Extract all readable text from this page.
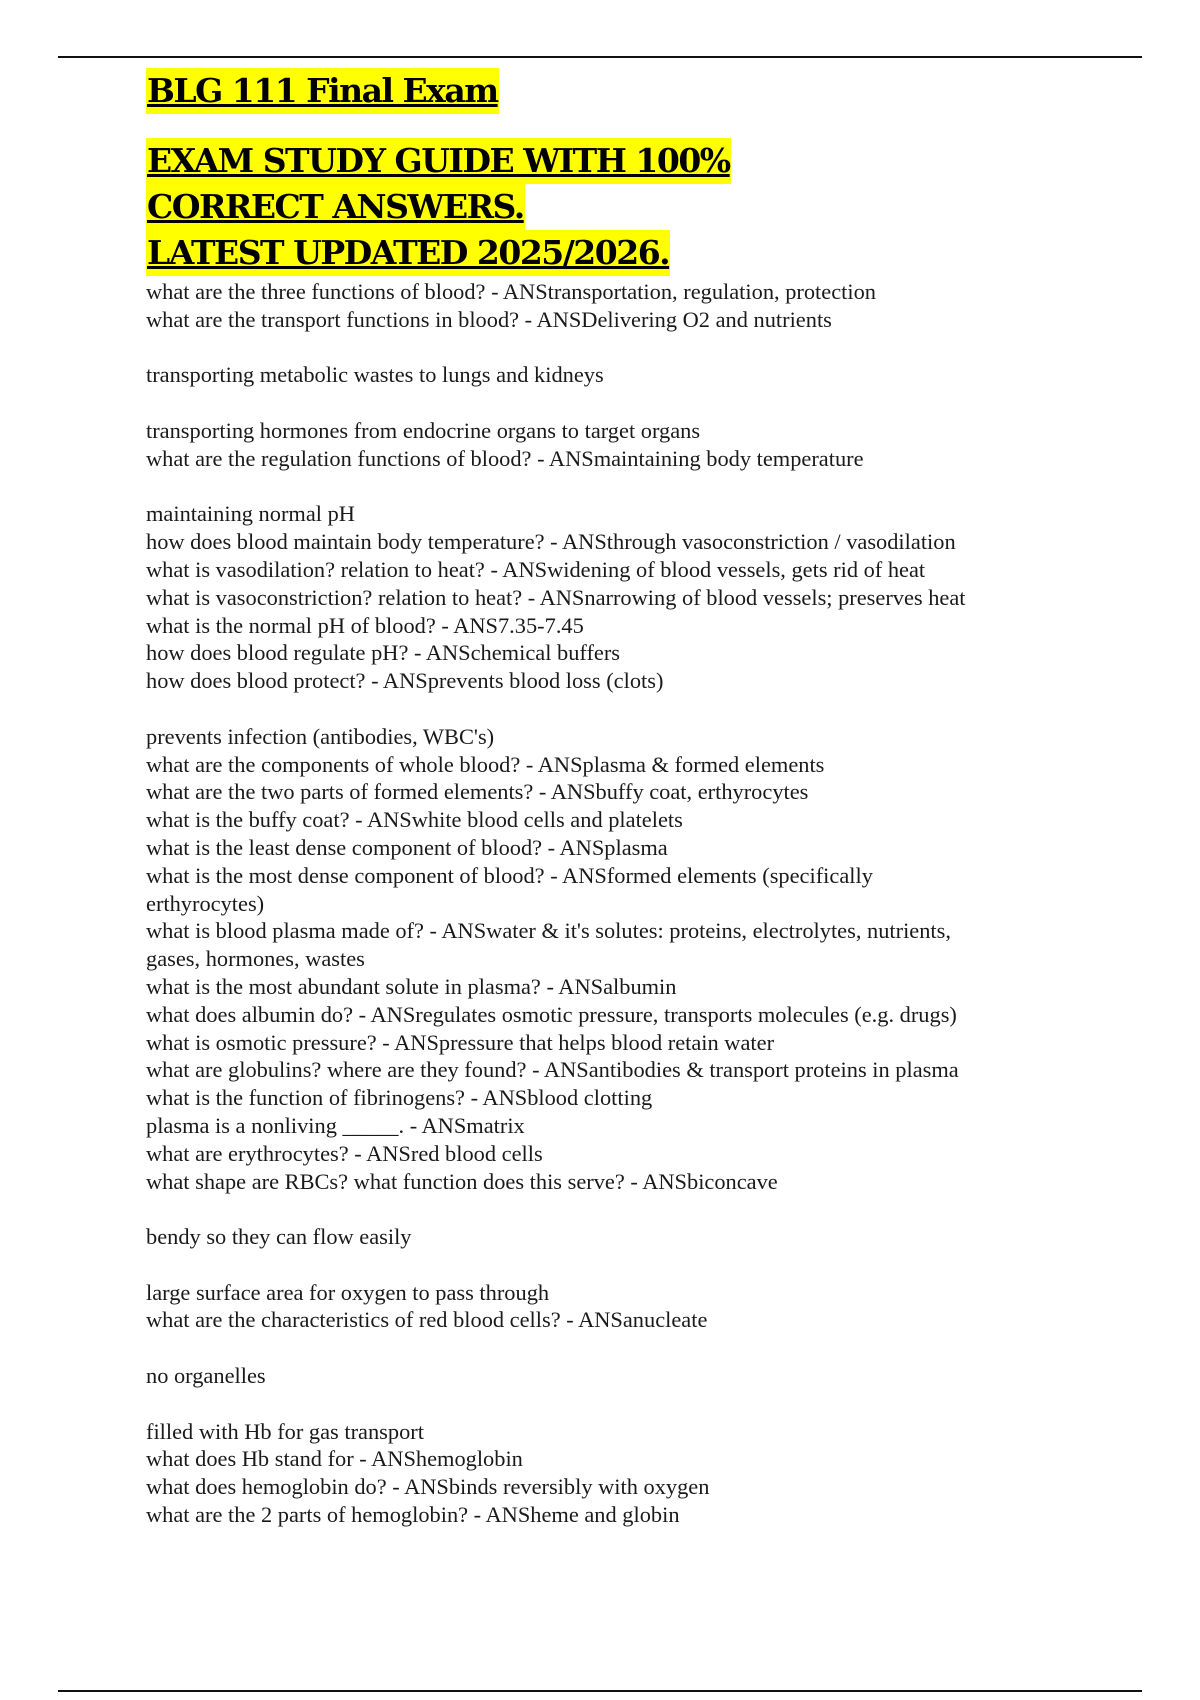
BLG 111 Final Exam
EXAM STUDY GUIDE WITH 100%
CORRECT ANSWERS.
LATEST UPDATED 2025/2026.
what are the three functions of blood? - ANStransportation, regulation, protection
what are the transport functions in blood? - ANSDelivering O2 and nutrients
transporting metabolic wastes to lungs and kidneys
transporting hormones from endocrine organs to target organs
what are the regulation functions of blood? - ANSmaintaining body temperature
maintaining normal pH
how does blood maintain body temperature? - ANSthrough vasoconstriction / vasodilation
what is vasodilation? relation to heat? - ANSwidening of blood vessels, gets rid of heat
what is vasoconstriction? relation to heat? - ANSnarrowing of blood vessels; preserves heat
what is the normal pH of blood? - ANS7.35-7.45
how does blood regulate pH? - ANSchemical buffers
how does blood protect? - ANSprevents blood loss (clots)
prevents infection (antibodies, WBC's)
what are the components of whole blood? - ANSplasma & formed elements
what are the two parts of formed elements? - ANSbuffy coat, erthyrocytes
what is the buffy coat? - ANSwhite blood cells and platelets
what is the least dense component of blood? - ANSplasma
what is the most dense component of blood? - ANSformed elements (specifically
erthyrocytes)
what is blood plasma made of? - ANSwater & it's solutes: proteins, electrolytes, nutrients,
gases, hormones, wastes
what is the most abundant solute in plasma? - ANSalbumin
what does albumin do? - ANSregulates osmotic pressure, transports molecules (e.g. drugs)
what is osmotic pressure? - ANSpressure that helps blood retain water
what are globulins? where are they found? - ANSantibodies & transport proteins in plasma
what is the function of fibrinogens? - ANSblood clotting
plasma is a nonliving _____. - ANSmatrix
what are erythrocytes? - ANSred blood cells
what shape are RBCs? what function does this serve? - ANSbiconcave
bendy so they can flow easily
large surface area for oxygen to pass through
what are the characteristics of red blood cells? - ANSanucleate
no organelles
filled with Hb for gas transport
what does Hb stand for - ANShemoglobin
what does hemoglobin do? - ANSbinds reversibly with oxygen
what are the 2 parts of hemoglobin? - ANSheme and globin
